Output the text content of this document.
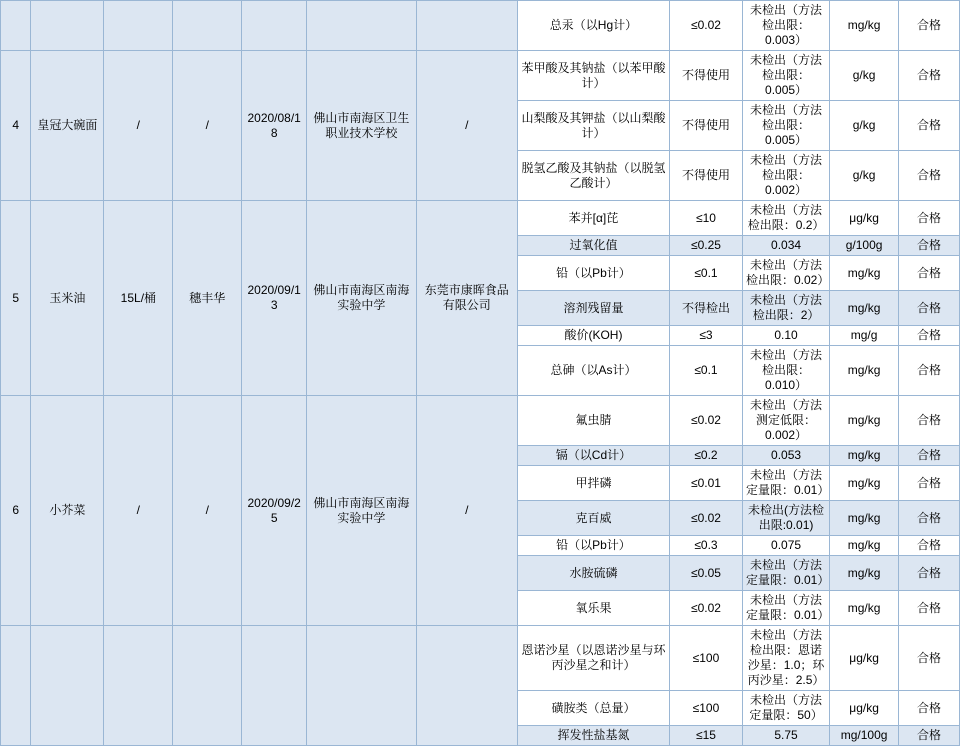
							总汞（以Hg计）	≤0.02	未检出（方法检出限：0.003）	mg/kg	合格
4	皇冠大碗面	/	/	2020/08/18	佛山市南海区卫生职业技术学校	/	苯甲酸及其钠盐（以苯甲酸计）	不得使用	未检出（方法检出限：0.005）	g/kg	合格
							山梨酸及其钾盐（以山梨酸计）	不得使用	未检出（方法检出限：0.005）	g/kg	合格
							脱氢乙酸及其钠盐（以脱氢乙酸计）	不得使用	未检出（方法检出限：0.002）	g/kg	合格
5	玉米油	15L/桶	穗丰华	2020/09/13	佛山市南海区南海实验中学	东莞市康晖食品有限公司	苯并[α]芘	≤10	未检出（方法检出限：0.2）	μg/kg	合格
							过氧化值	≤0.25	0.034	g/100g	合格
							铅（以Pb计）	≤0.1	未检出（方法检出限：0.02）	mg/kg	合格
							溶剂残留量	不得检出	未检出（方法检出限：2）	mg/kg	合格
							酸价(KOH)	≤3	0.10	mg/g	合格
							总砷（以As计）	≤0.1	未检出（方法检出限：0.010）	mg/kg	合格
6	小芥菜	/	/	2020/09/25	佛山市南海区南海实验中学	/	氟虫腈	≤0.02	未检出（方法测定低限：0.002）	mg/kg	合格
							镉（以Cd计）	≤0.2	0.053	mg/kg	合格
							甲拌磷	≤0.01	未检出（方法定量限：0.01）	mg/kg	合格
							克百威	≤0.02	未检出(方法检出限:0.01)	mg/kg	合格
							铅（以Pb计）	≤0.3	0.075	mg/kg	合格
							水胺硫磷	≤0.05	未检出（方法定量限：0.01）	mg/kg	合格
							氧乐果	≤0.02	未检出（方法定量限：0.01）	mg/kg	合格
							恩诺沙星（以恩诺沙星与环丙沙星之和计）	≤100	未检出（方法检出限：恩诺沙星：1.0；环丙沙星：2.5）	μg/kg	合格
							磺胺类（总量）	≤100	未检出（方法定量限：50）	μg/kg	合格
							挥发性盐基氮	≤15	5.75	mg/100g	合格
